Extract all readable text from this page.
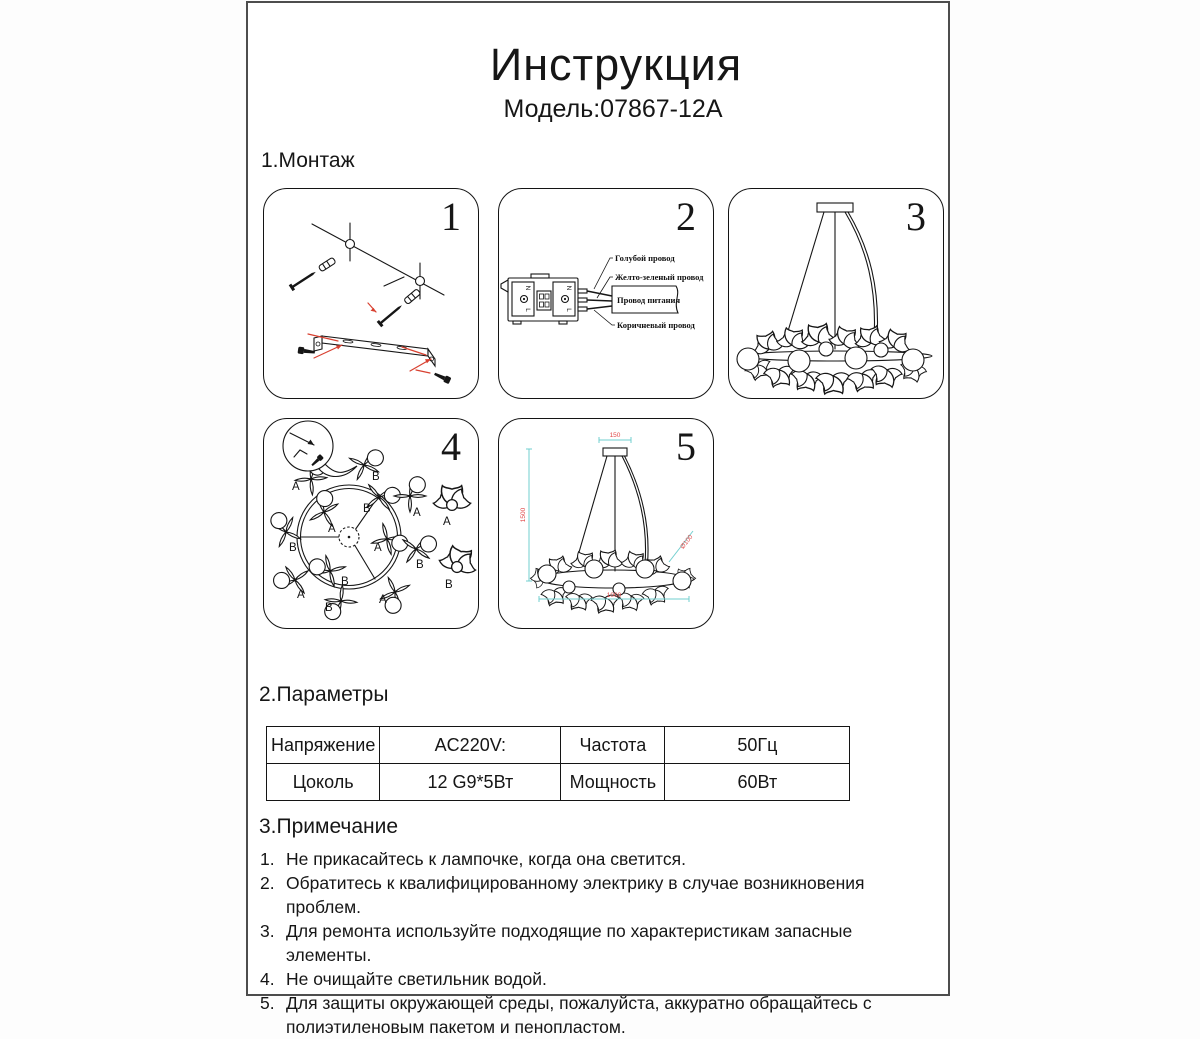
Инструкция
Модель:07867-12A
1.Монтаж
1
N
L
N
L
Провод питания
Голубой провод
Желто-зеленый провод
Коричневый провод
2	3
A
B
B	A
A
B	A
B
B
A
B
A
A
B
4	150
1500
1000
Ø100
5
2.Параметры
Напряжение	AC220V:	Частота	50Гц
Цоколь	12 G9*5Вт	Мощность	60Вт
3.Примечание
1. Не прикасайтесь к лампочке, когда она светится.
2. Обратитесь к квалифицированному электрику в случае возникновения проблем.
3. Для ремонта используйте подходящие по характеристикам запасные элементы.
4. Не очищайте светильник водой.
5. Для защиты окружающей среды, пожалуйста, аккуратно обращайтесь с
полиэтиленовым пакетом и пенопластом.
